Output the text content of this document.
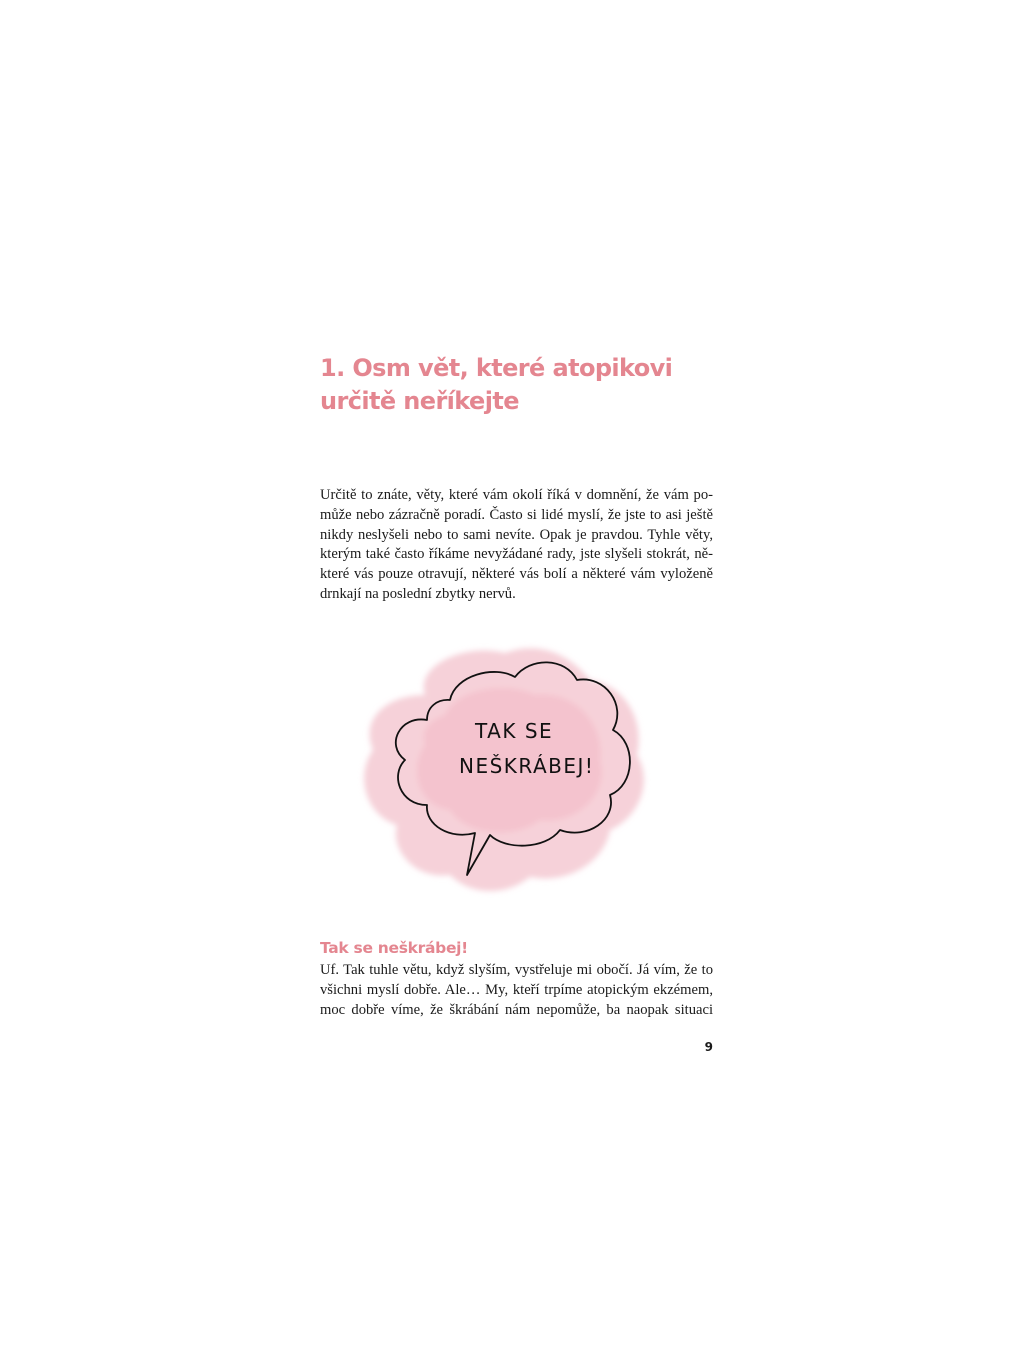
1. Osm vět, které atopikovi
určitě neříkejte

Určitě to znáte, věty, které vám okolí říká v domnění, že vám po-
může nebo zázračně poradí. Často si lidé myslí, že jste to asi ještě
nikdy neslyšeli nebo to sami nevíte. Opak je pravdou. Tyhle věty,
kterým také často říkáme nevyžádané rady, jste slyšeli stokrát, ně-
které vás pouze otravují, některé vás bolí a některé vám vyloženě
drnkají na poslední zbytky nervů.

TAK SE
NEŠKRÁBEJ!
Tak se neškrábej!

Uf. Tak tuhle větu, když slyším, vystřeluje mi obočí. Já vím, že to
všichni myslí dobře. Ale… My, kteří trpíme atopickým ekzémem,
moc dobře víme, že škrábání nám nepomůže, ba naopak situaci

9
